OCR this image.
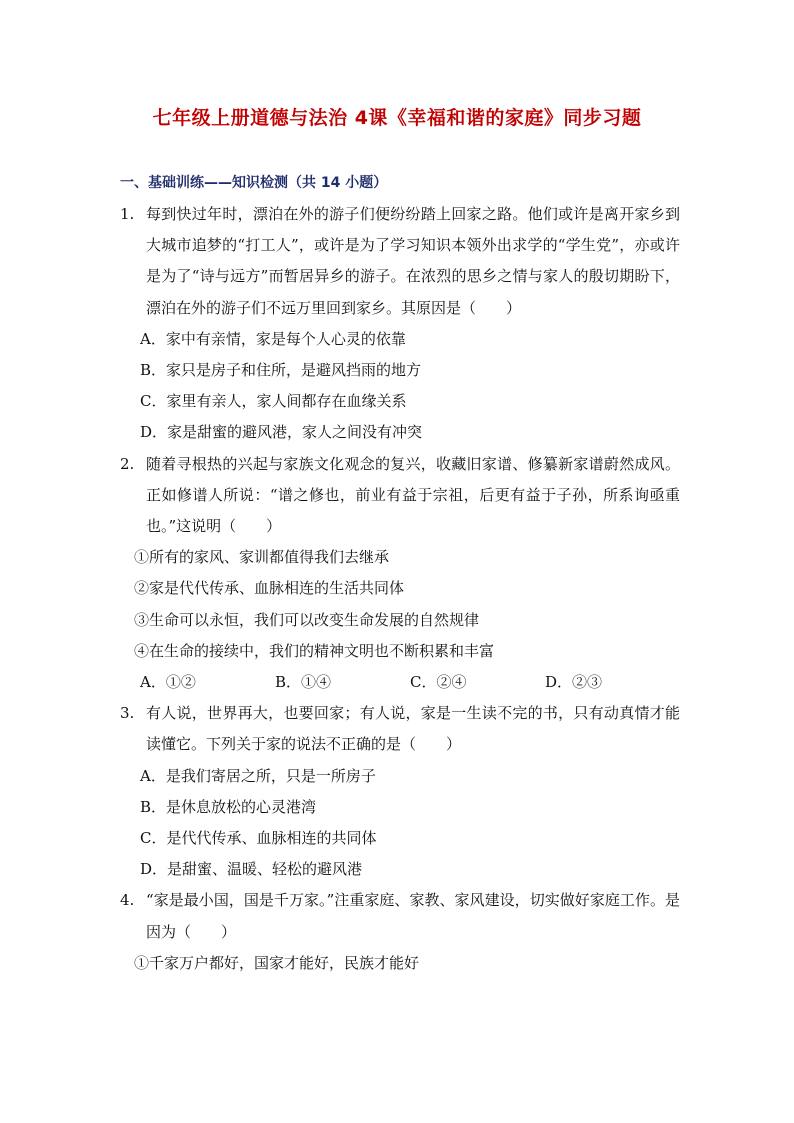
七年级上册道德与法治 4课《幸福和谐的家庭》同步习题
一、基础训练——知识检测（共 14 小题）
1. 每到快过年时，漂泊在外的游子们便纷纷踏上回家之路。他们或许是离开家乡到大城市追梦的“打工人”，或许是为了学习知识本领外出求学的“学生党”，亦或许是为了“诗与远方”而暂居异乡的游子。在浓烈的思乡之情与家人的殷切期盼下，漂泊在外的游子们不远万里回到家乡。其原因是（　　）
A．家中有亲情，家是每个人心灵的依靠
B．家只是房子和住所，是避风挡雨的地方
C．家里有亲人，家人间都存在血缘关系
D．家是甜蜜的避风港，家人之间没有冲突
2. 随着寻根热的兴起与家族文化观念的复兴，收藏旧家谱、修纂新家谱蔚然成风。正如修谱人所说：“谱之修也，前业有益于宗祖，后更有益于子孙，所系询亟重也。”这说明（　　）
①所有的家风、家训都值得我们去继承
②家是代代传承、血脉相连的生活共同体
③生命可以永恒，我们可以改变生命发展的自然规律
④在生命的接续中，我们的精神文明也不断积累和丰富
A．①②	B．①④	C．②④	D．②③
3. 有人说，世界再大，也要回家；有人说，家是一生读不完的书，只有动真情才能读懂它。下列关于家的说法不正确的是（　　）
A．是我们寄居之所，只是一所房子
B．是休息放松的心灵港湾
C．是代代传承、血脉相连的共同体
D．是甜蜜、温暖、轻松的避风港
4. “家是最小国，国是千万家。”注重家庭、家教、家风建设，切实做好家庭工作。是因为（　　）
①千家万户都好，国家才能好，民族才能好
